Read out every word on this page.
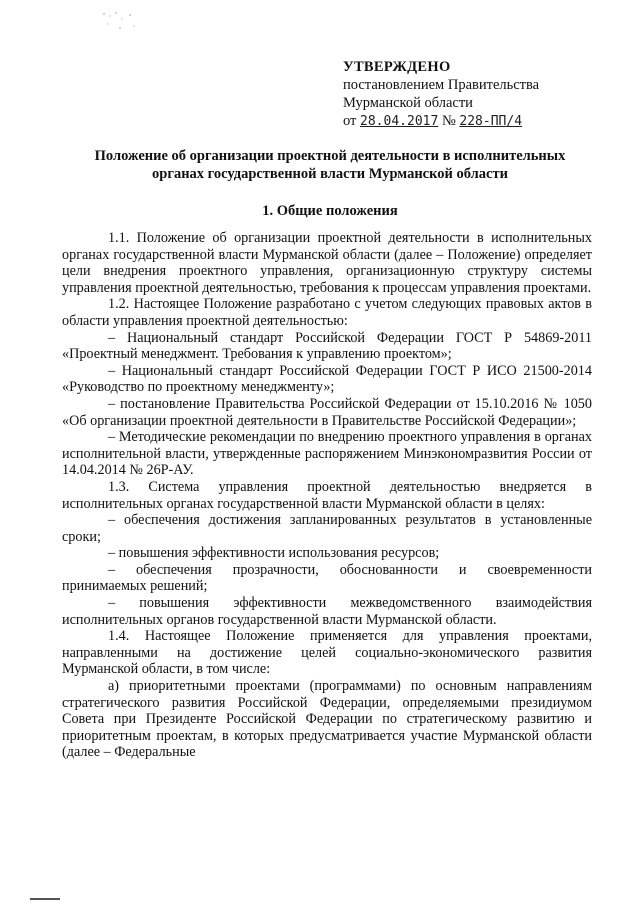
УТВЕРЖДЕНО
постановлением Правительства
Мурманской области
от 28.04.2017 № 228-ПП/4
Положение об организации проектной деятельности в исполнительных
органах государственной власти Мурманской области
1. Общие положения

1.1. Положение об организации проектной деятельности в исполнительных органах государственной власти Мурманской области (далее – Положение) определяет цели внедрения проектного управления, организационную структуру системы управления проектной деятельностью, требования к процессам управления проектами.

1.2. Настоящее Положение разработано с учетом следующих правовых актов в области управления проектной деятельностью:

– Национальный стандарт Российской Федерации ГОСТ Р 54869-2011 «Проектный менеджмент. Требования к управлению проектом»;

– Национальный стандарт Российской Федерации ГОСТ Р ИСО 21500-2014 «Руководство по проектному менеджменту»;

– постановление Правительства Российской Федерации от 15.10.2016 № 1050 «Об организации проектной деятельности в Правительстве Российской Федерации»;

– Методические рекомендации по внедрению проектного управления в органах исполнительной власти, утвержденные распоряжением Минэкономразвития России от 14.04.2014 № 26Р-АУ.

1.3. Система управления проектной деятельностью внедряется в исполнительных органах государственной власти Мурманской области в целях:

– обеспечения достижения запланированных результатов в установленные сроки;

– повышения эффективности использования ресурсов;

– обеспечения прозрачности, обоснованности и своевременности принимаемых решений;

– повышения эффективности межведомственного взаимодействия исполнительных органов государственной власти Мурманской области.

1.4. Настоящее Положение применяется для управления проектами, направленными на достижение целей социально-экономического развития Мурманской области, в том числе:

а) приоритетными проектами (программами) по основным направлениям стратегического развития Российской Федерации, определяемыми президиумом Совета при Президенте Российской Федерации по стратегическому развитию и приоритетным проектам, в которых предусматривается участие Мурманской области (далее – Федеральные
